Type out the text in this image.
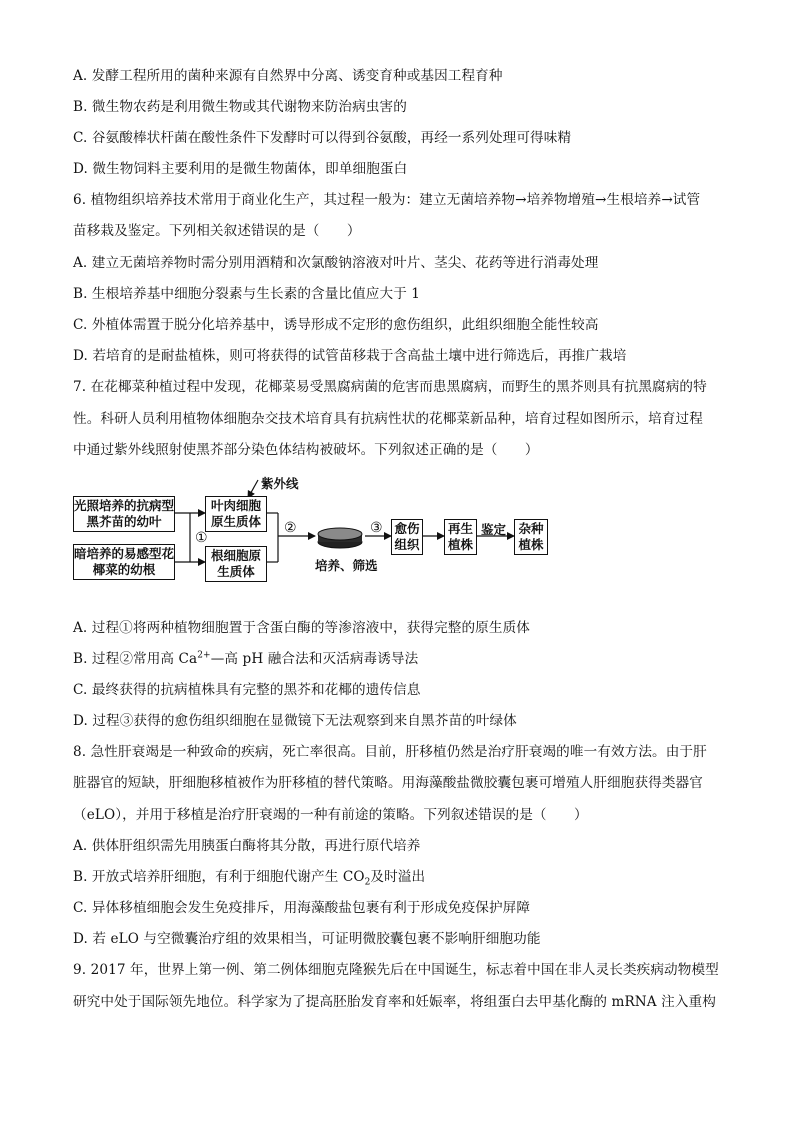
A. 发酵工程所用的菌种来源有自然界中分离、诱变育种或基因工程育种
B. 微生物农药是利用微生物或其代谢物来防治病虫害的
C. 谷氨酸棒状杆菌在酸性条件下发酵时可以得到谷氨酸，再经一系列处理可得味精
D. 微生物饲料主要利用的是微生物菌体，即单细胞蛋白
6. 植物组织培养技术常用于商业化生产，其过程一般为：建立无菌培养物→培养物增殖→生根培养→试管
苗移栽及鉴定。下列相关叙述错误的是（　　）
A. 建立无菌培养物时需分别用酒精和次氯酸钠溶液对叶片、茎尖、花药等进行消毒处理
B. 生根培养基中细胞分裂素与生长素的含量比值应大于 1
C. 外植体需置于脱分化培养基中，诱导形成不定形的愈伤组织，此组织细胞全能性较高
D. 若培育的是耐盐植株，则可将获得的试管苗移栽于含高盐土壤中进行筛选后，再推广栽培
7. 在花椰菜种植过程中发现，花椰菜易受黑腐病菌的危害而患黑腐病，而野生的黑芥则具有抗黑腐病的特
性。科研人员利用植物体细胞杂交技术培育具有抗病性状的花椰菜新品种，培育过程如图所示，培育过程
中通过紫外线照射使黑芥部分染色体结构被破坏。下列叙述正确的是（　　）
光照培养的抗病型黑芥苗的幼叶
暗培养的易感型花椰菜的幼根
叶肉细胞原生质体
根细胞原生质体
愈伤组织
再生植株
杂种植株
紫外线
①
②	③
培养、筛选
鉴定
A. 过程①将两种植物细胞置于含蛋白酶的等渗溶液中，获得完整的原生质体
B. 过程②常用高 $Ca^{2+}—$高 pH 融合法和灭活病毒诱导法
C. 最终获得的抗病植株具有完整的黑芥和花椰的遗传信息
D. 过程③获得的愈伤组织细胞在显微镜下无法观察到来自黑芥苗的叶绿体
8. 急性肝衰竭是一种致命的疾病，死亡率很高。目前，肝移植仍然是治疗肝衰竭的唯一有效方法。由于肝
脏器官的短缺，肝细胞移植被作为肝移植的替代策略。用海藻酸盐微胶囊包裹可增殖人肝细胞获得类器官
（eLO），并用于移植是治疗肝衰竭的一种有前途的策略。下列叙述错误的是（　　）
A. 供体肝组织需先用胰蛋白酶将其分散，再进行原代培养
B. 开放式培养肝细胞，有利于细胞代谢产生 $CO_2$及时溢出
C. 异体移植细胞会发生免疫排斥，用海藻酸盐包裹有利于形成免疫保护屏障
D. 若 eLO 与空微囊治疗组的效果相当，可证明微胶囊包裹不影响肝细胞功能
9. 2017 年，世界上第一例、第二例体细胞克隆猴先后在中国诞生，标志着中国在非人灵长类疾病动物模型
研究中处于国际领先地位。科学家为了提高胚胎发育率和妊娠率，将组蛋白去甲基化酶的 mRNA 注入重构
